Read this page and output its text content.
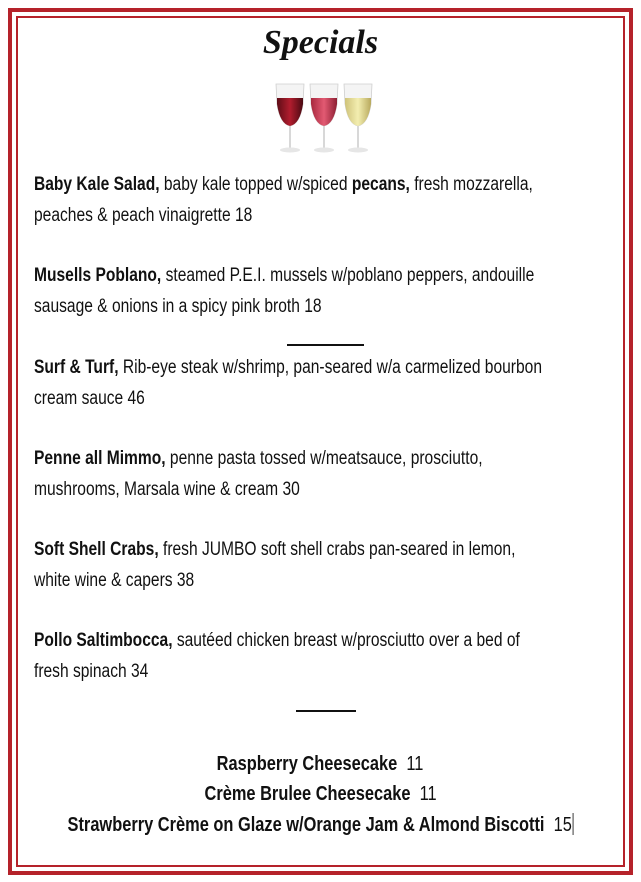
Specials
Baby Kale Salad, baby kale topped w/spiced pecans, fresh mozzarella,
peaches & peach vinaigrette 18
Musells Poblano, steamed P.E.I. mussels w/poblano peppers, andouille
sausage & onions in a spicy pink broth 18
Surf & Turf, Rib-eye steak w/shrimp, pan-seared w/a carmelized bourbon
cream sauce 46
Penne all Mimmo, penne pasta tossed w/meatsauce, prosciutto,
mushrooms, Marsala wine & cream 30
Soft Shell Crabs, fresh JUMBO soft shell crabs pan-seared in lemon,
white wine & capers 38
Pollo Saltimbocca, sautéed chicken breast w/prosciutto over a bed of
fresh spinach 34
Raspberry Cheesecake 11
Crème Brulee Cheesecake 11
Strawberry Crème on Glaze w/Orange Jam & Almond Biscotti 15
